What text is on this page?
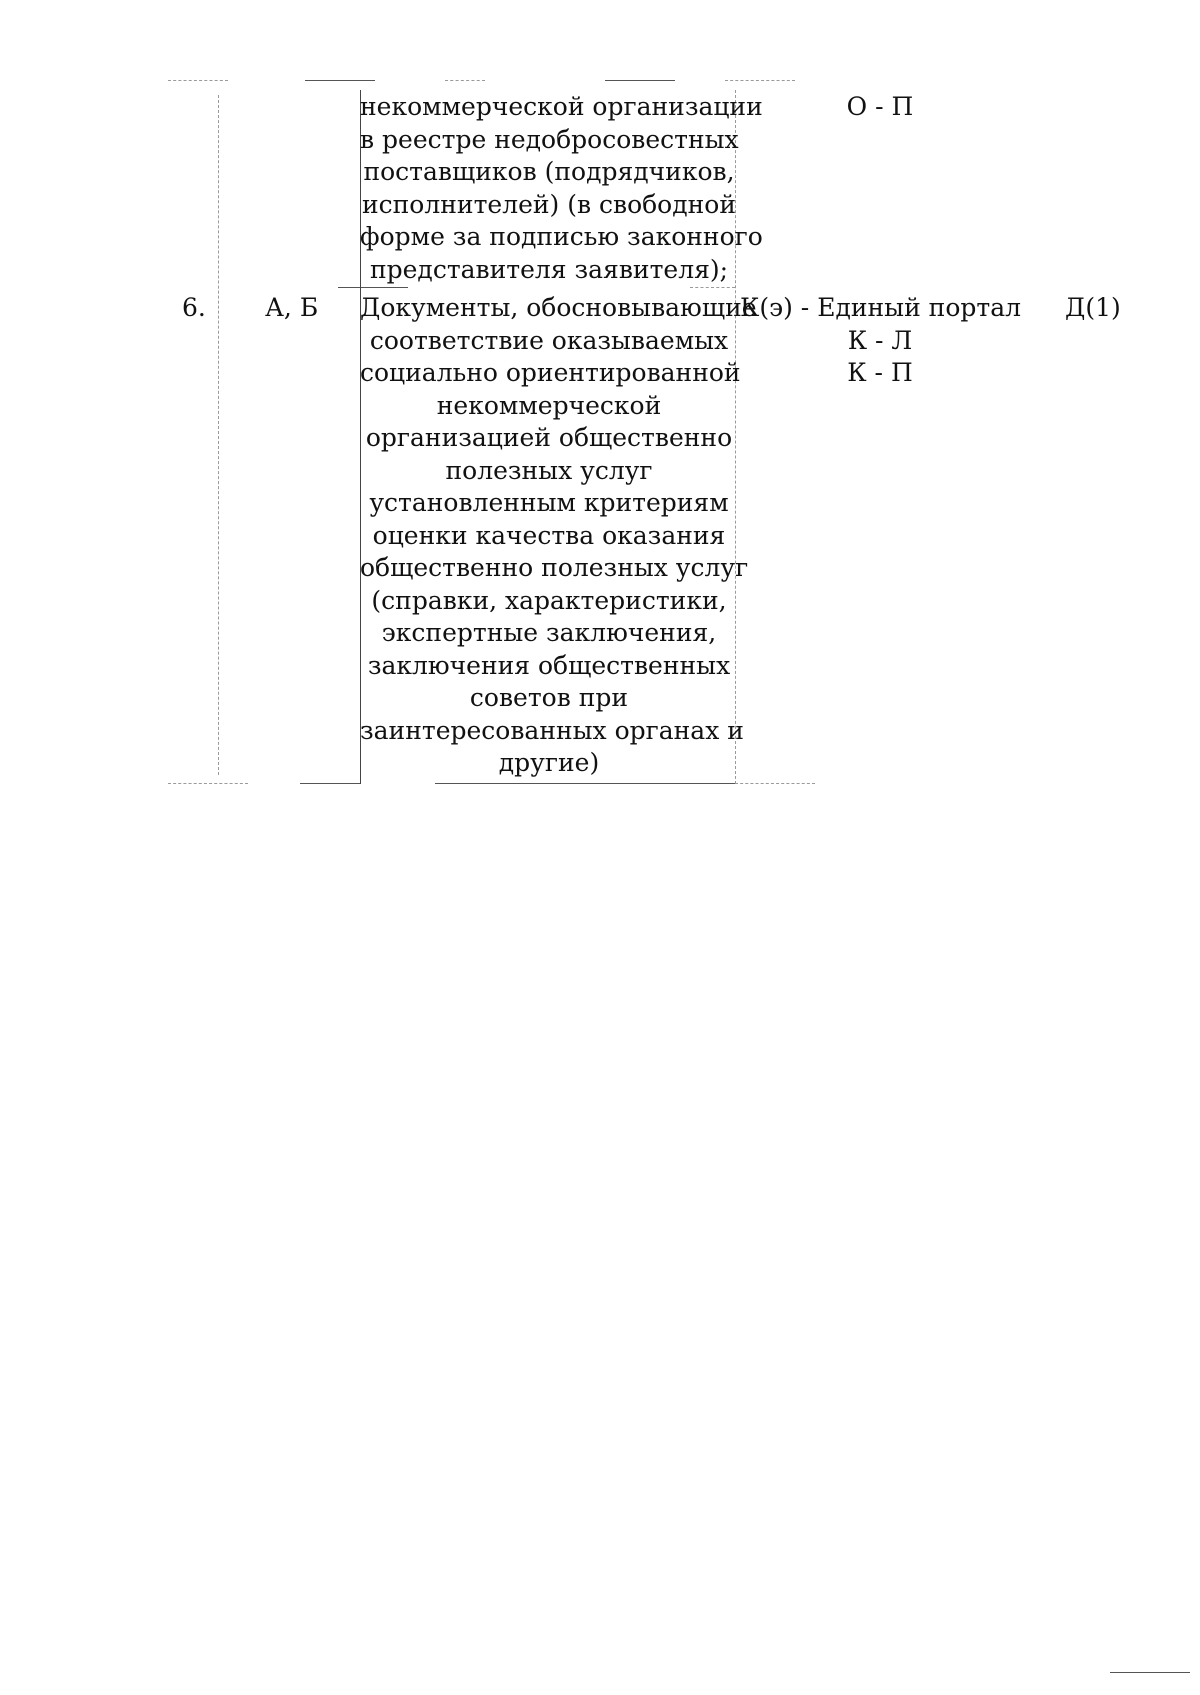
некоммерческой организации
в реестре недобросовестных
поставщиков (подрядчиков,
исполнителей) (в свободной
форме за подписью законного
представителя заявителя);
О - П
6. А, Б Документы, обосновывающие
соответствие оказываемых
социально ориентированной
некоммерческой
организацией общественно
полезных услуг
установленным критериям
оценки качества оказания
общественно полезных услуг
(справки, характеристики,
экспертные заключения,
заключения общественных
советов при
заинтересованных органах и
другие)
К(э) - Единый портал
К - Л
К - П
Д(1)
